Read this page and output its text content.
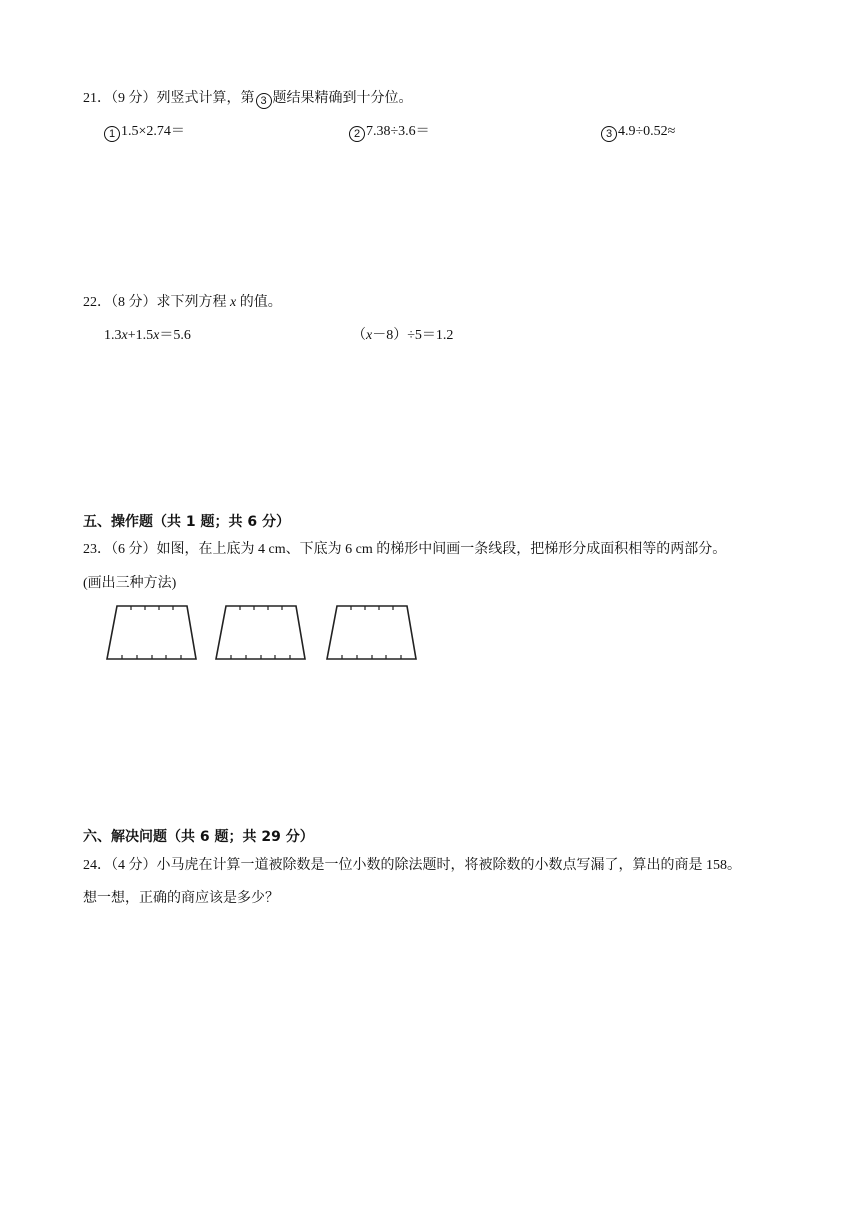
21．（9 分）列竖式计算，第 3 题结果精确到十分位。
1 1.5×2.74＝	2 7.38÷3.6＝	3 4.9÷0.52≈
22．（8 分）求下列方程 x 的值。
1.3x+1.5x＝5.6	（x－8）÷5＝1.2
五、操作题（共 1 题；共 6 分）
23．（6 分）如图，在上底为 4 cm、下底为 6 cm 的梯形中间画一条线段，把梯形分成面积相等的两部分。
(画出三种方法)
六、解决问题（共 6 题；共 29 分）
24．（4 分）小马虎在计算一道被除数是一位小数的除法题时，将被除数的小数点写漏了，算出的商是 158。
想一想，正确的商应该是多少？
